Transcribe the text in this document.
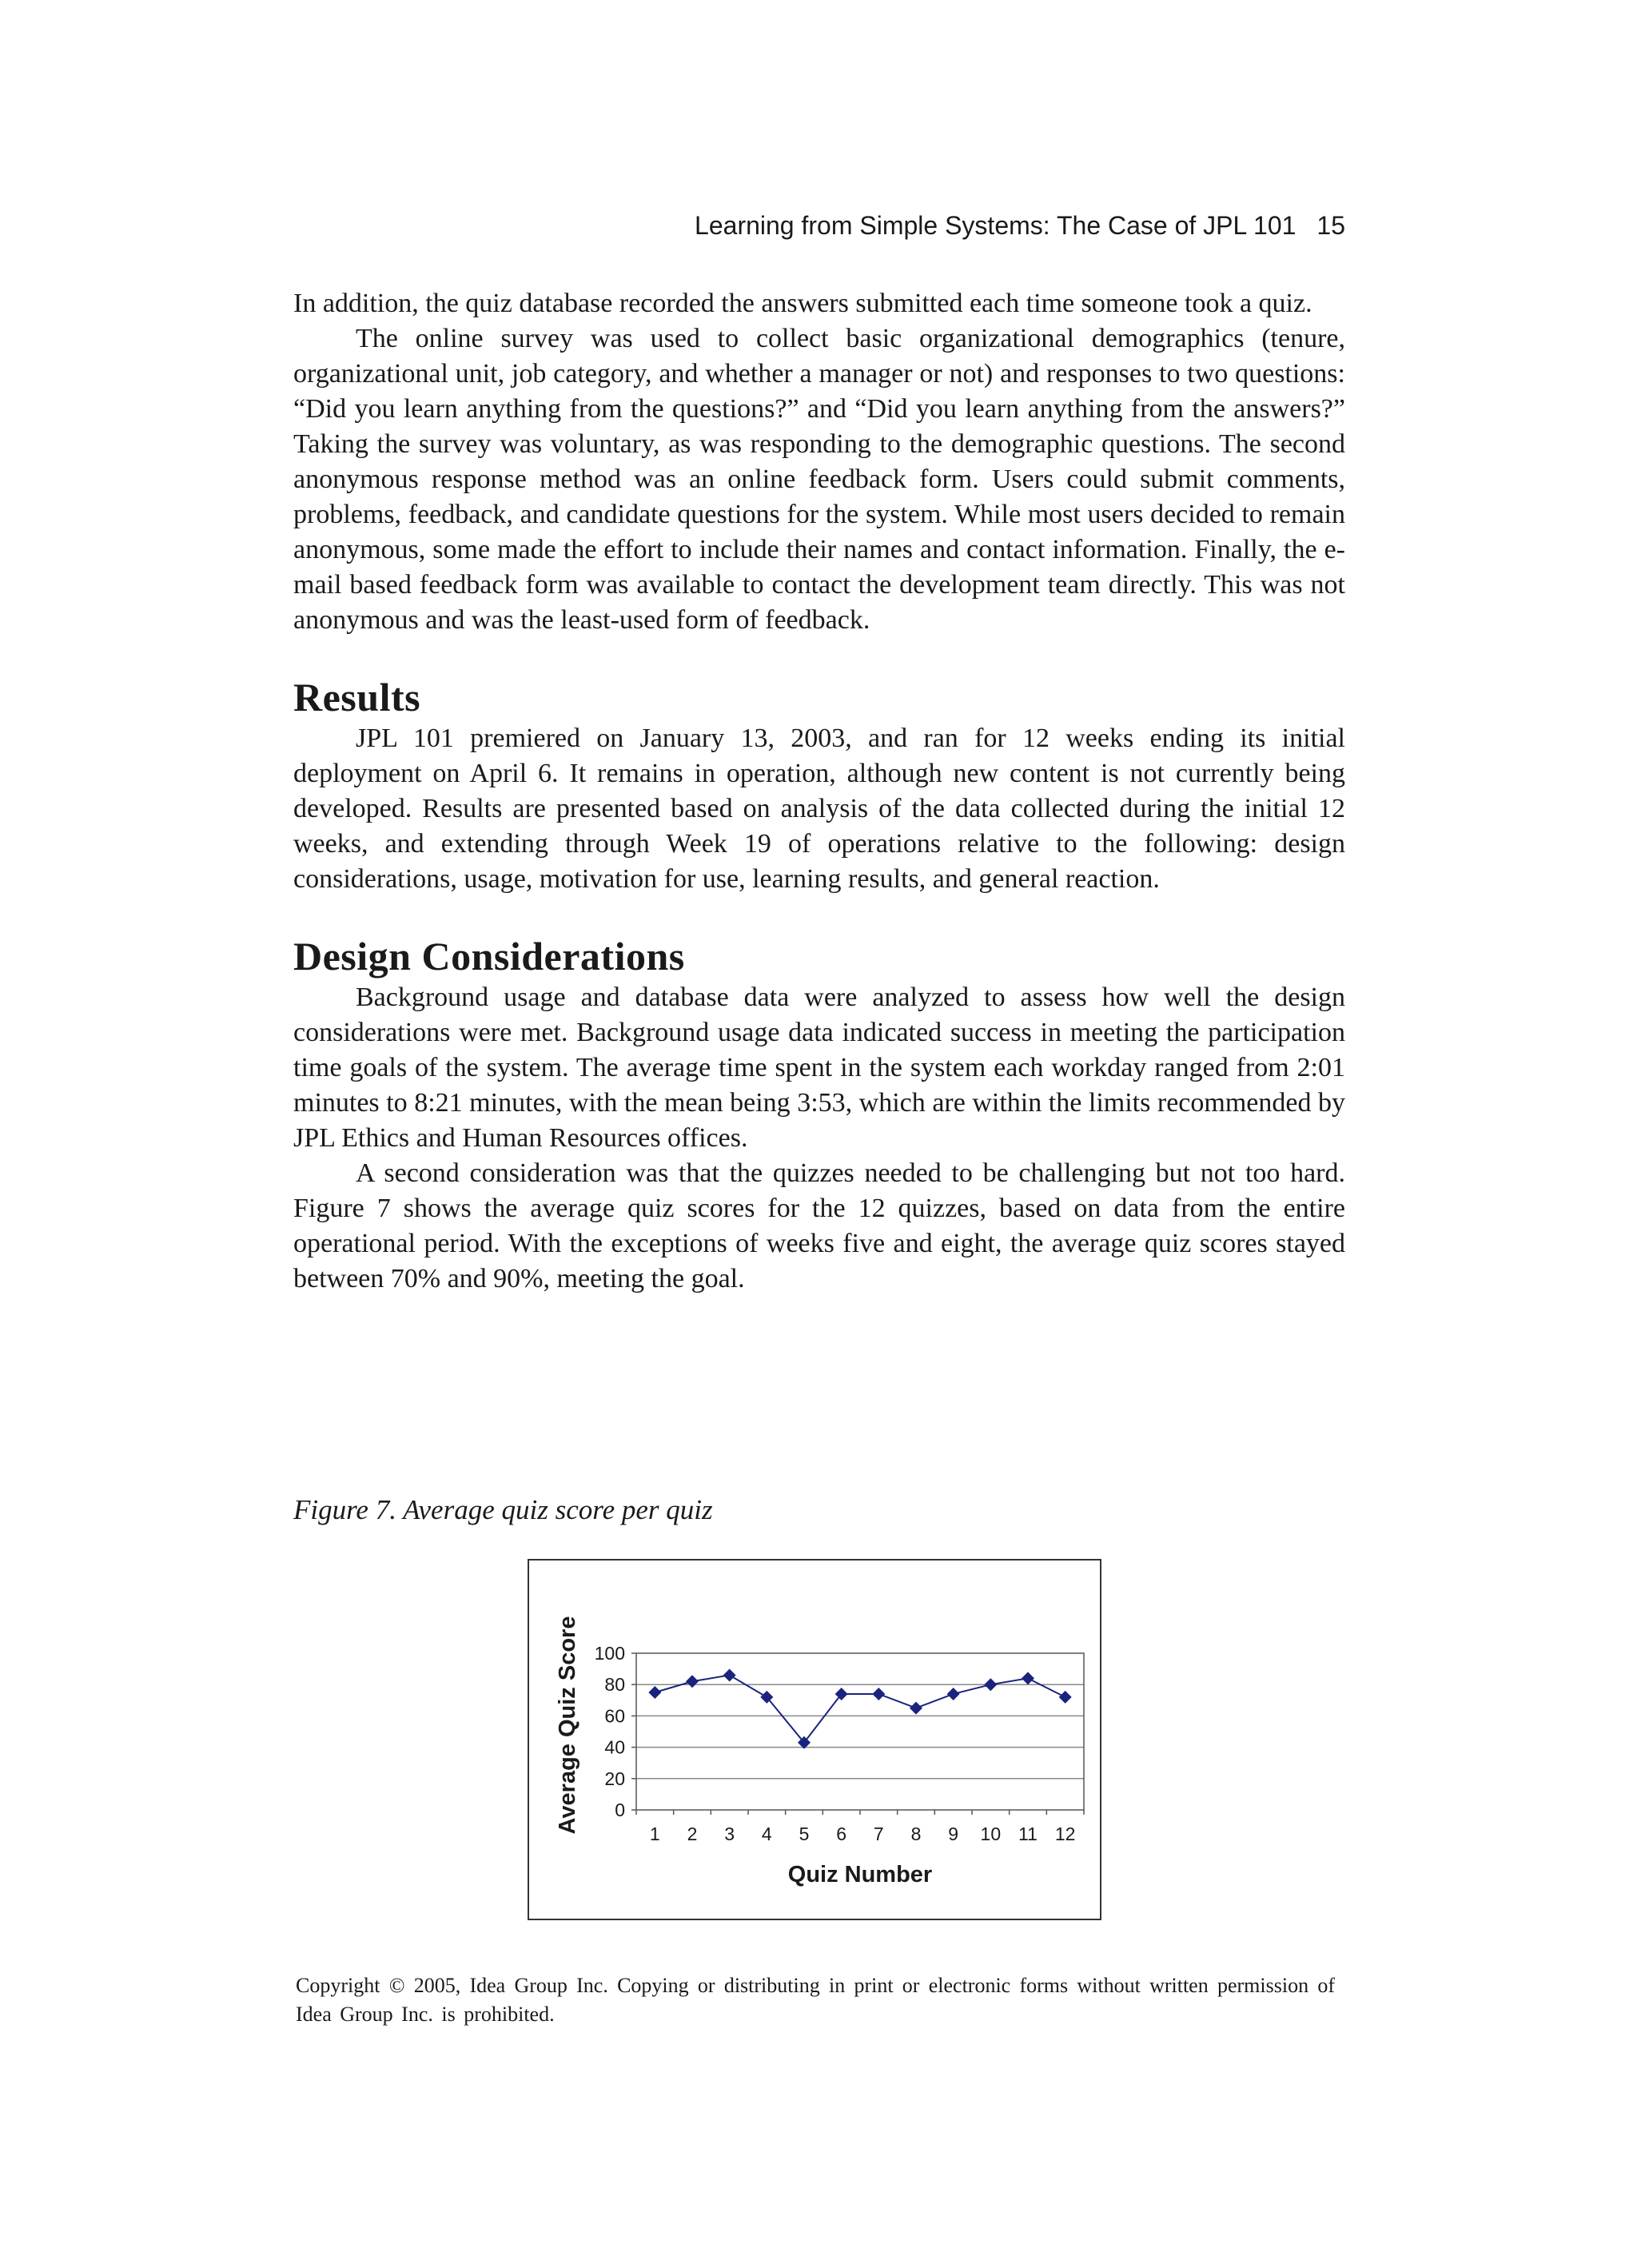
Learning from Simple Systems: The Case of JPL 101 15

In addition, the quiz database recorded the answers submitted each time someone took a quiz.

The online survey was used to collect basic organizational demographics (tenure, organizational unit, job category, and whether a manager or not) and responses to two questions: “Did you learn anything from the questions?” and “Did you learn anything from the answers?” Taking the survey was voluntary, as was responding to the demographic questions. The second anonymous response method was an online feedback form. Users could submit comments, problems, feedback, and candidate questions for the system. While most users decided to remain anonymous, some made the effort to include their names and contact information. Finally, the e-mail based feedback form was available to contact the development team directly. This was not anonymous and was the least-used form of feedback.

Results

JPL 101 premiered on January 13, 2003, and ran for 12 weeks ending its initial deployment on April 6. It remains in operation, although new content is not currently being developed. Results are presented based on analysis of the data collected during the initial 12 weeks, and extending through Week 19 of operations relative to the following: design considerations, usage, motivation for use, learning results, and general reaction.

Design Considerations

Background usage and database data were analyzed to assess how well the design considerations were met. Background usage data indicated success in meeting the participation time goals of the system. The average time spent in the system each workday ranged from 2:01 minutes to 8:21 minutes, with the mean being 3:53, which are within the limits recommended by JPL Ethics and Human Resources offices.

A second consideration was that the quizzes needed to be challenging but not too hard. Figure 7 shows the average quiz scores for the 12 quizzes, based on data from the entire operational period. With the exceptions of weeks five and eight, the average quiz scores stayed between 70% and 90%, meeting the goal.

Figure 7. Average quiz score per quiz
0
20
40
60
80
100
1 2 3 4 5 6 7 8 9 10 11 12
Quiz Number
Average Quiz Score
Copyright © 2005, Idea Group Inc. Copying or distributing in print or electronic forms without written permission of Idea Group Inc. is prohibited.
